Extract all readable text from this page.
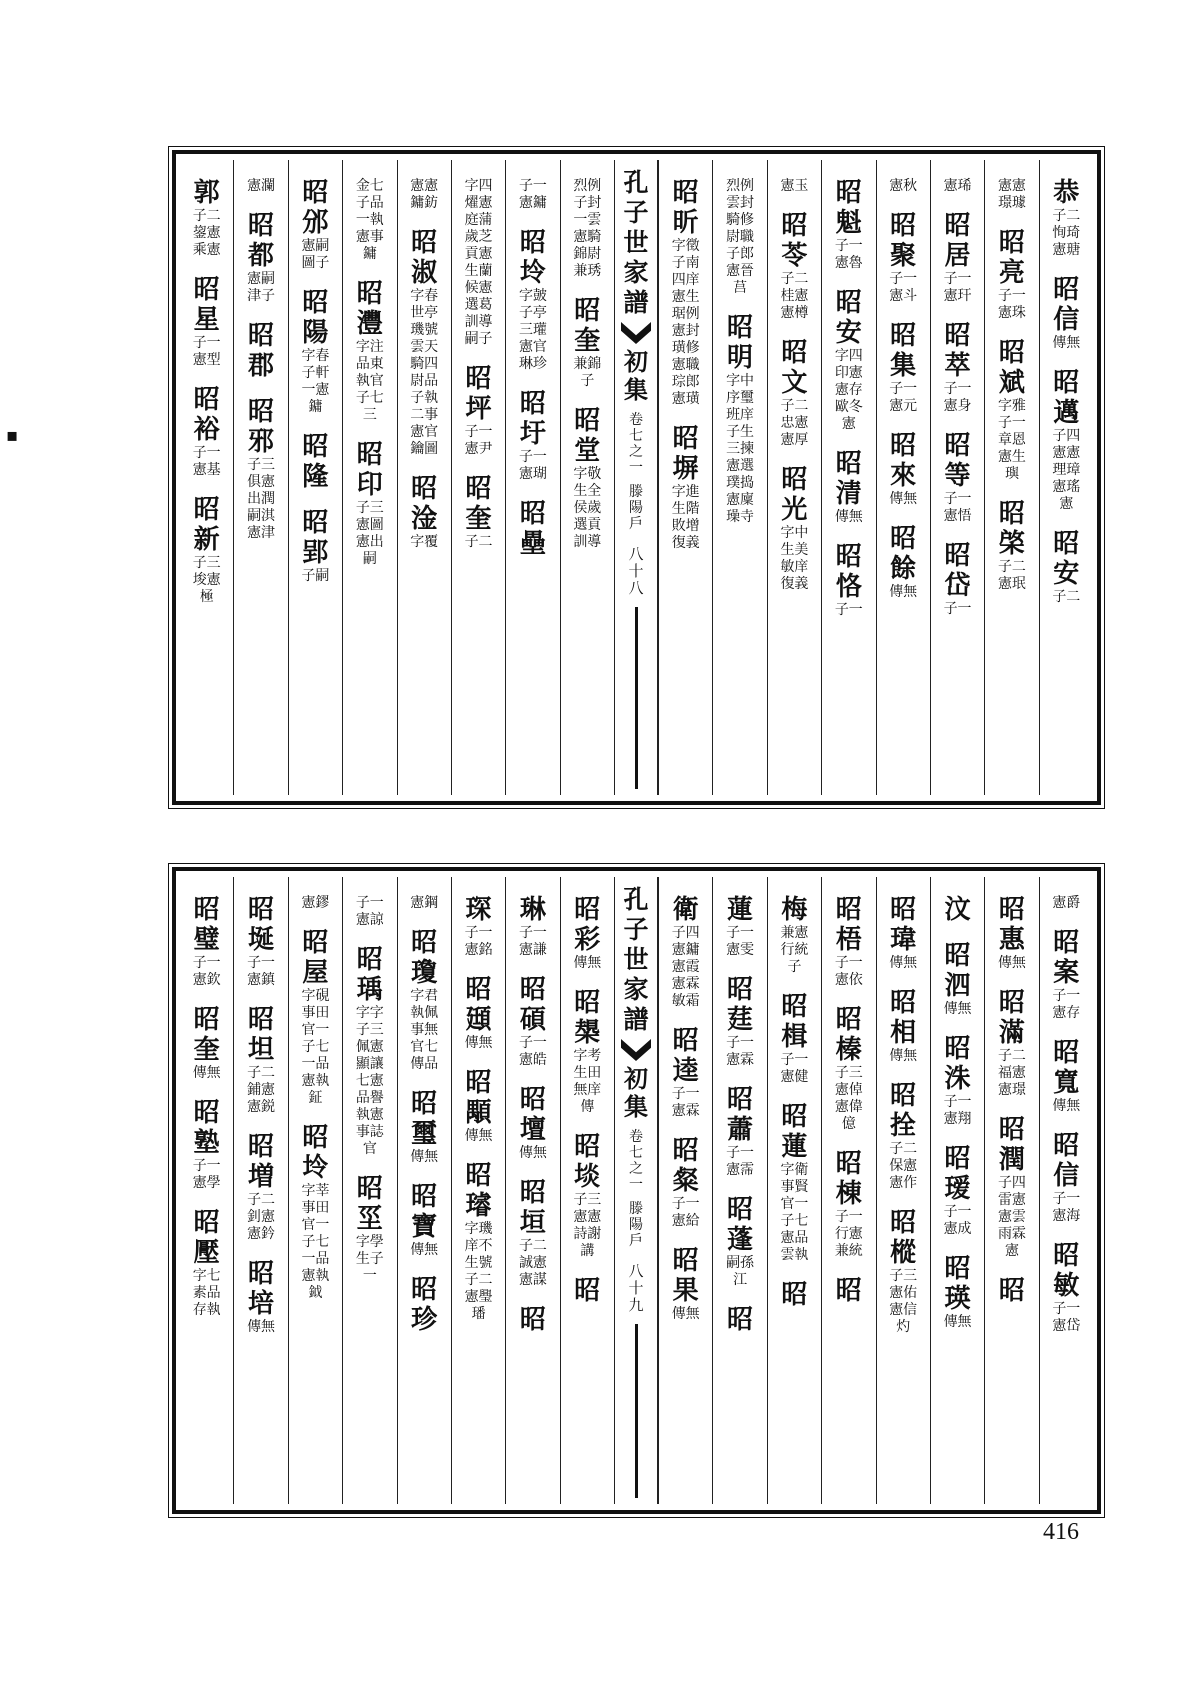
▪
恭
子二恂琦憲瑭
昭信
傳無
昭邁
子四憲憲理璋憲瑤憲
昭安
子二
憲憲璟璩
昭亮
子一憲珠
昭斌
字雅子一章恩憲生璵
昭棨
子二憲珉
憲琋
昭居
子一憲玕
昭萃
子一憲身
昭等
子一憲悟
昭岱
子一
憲秋
昭聚
子一憲斗
昭集
子一憲元
昭來
傳無
昭餘
傳無
昭魁
子一憲魯
昭安
字四印憲憲存歐冬憲
昭清
傳無
昭恪
子一
憲玉
昭苓
子二桂憲憲樽
昭文
子二忠憲憲厚
昭光
字中生美敏庠復義
烈例雲封騎修尉職子郎憲晉莒
昭明
字中序璽班庠子生三揀憲選璞捣憲廩璪寺
昭昕
字徵子南四庠憲生琚例憲封璜修憲職琮郎憲璜
昭塀
字進生階敗增復義
孔子世家譜
初集
卷七之一
滕陽戶
八十八
烈例子封一雲憲騎錦尉兼琇
昭奎
兼錦子
昭堂
字敬生全侯歲選貢訓導
子一憲鏞
昭坽
字皷子亭三瓘憲官琳珍
昭圩
子一憲瑚
昭壘
字四燿憲庭蒲歲芝貢憲生蘭候憲選葛訓導嗣子
昭坪
子一憲尹
昭奎
子二
憲憲鏞鈁
昭淑
字春世亭璣號雲天騎四尉品子執二事憲官鑰圖
昭淦
字覆
金七子品一執憲事鏞
昭灃
字注品東執官子七三
昭印
子三憲圖憲出嗣
昭邠
憲嗣圖子
昭陽
字春子軒一憲鏞
昭隆
昭郢
子嗣
憲瀾
昭都
憲嗣津子
昭郡
昭邪
子三俱憲出潤嗣淇憲津
郭
子二鋆憲乘憲
昭星
子一憲型
昭裕
子一憲基
昭新
子三埈憲極
憲爵
昭案
子一憲存
昭寬
傳無
昭信
子一憲海
昭敏
子一憲岱
昭惠
傳無
昭滿
子二福憲憲璟
昭潤
子四雷憲憲雲雨霖憲
昭
汶
昭泗
傳無
昭洙
子一憲翔
昭瑷
子一憲成
昭瑛
傳無
昭瑋
傳無
昭相
傳無
昭拴
子二保憲憲作
昭樅
子三憲佑憲信灼
昭梧
子一憲依
昭榛
子三憲倬憲偉億
昭棟
子一行憲兼統
昭
梅
兼憲行統子
昭楫
子一憲健
昭蓮
字衛事賢官一子七憲品雲執
昭
蓮
子一憲雯
昭莛
子一憲霖
昭蕭
子一憲霈
昭蓬
嗣孫江
昭
衛
子四憲鏞憲霞憲霖敏霜
昭逵
子一憲霖
昭粲
子一憲給
昭果
傳無
孔子世家譜
初集
卷七之一
滕陽戶
八十九
昭彩
傳無
昭槼
字考生田無庠傳
昭埮
子三憲憲詩謝講
昭
琳
子一憲謙
昭碩
子一憲皓
昭壇
傳無
昭垣
子二誠憲憲謀
昭
琛
子一憲銘
昭頲
傳無
昭顒
傳無
昭璿
字璣庠不生號子二憲璺璠
憲鋼
昭瓊
字君執佩事無官七傳品
昭璽
傳無
昭寶
傳無
昭珍
子一憲諒
昭瑀
字字子三佩憲顯讓七憲品譽執憲事誌官
昭坙
字學生子一
憲鏐
昭屋
字硯事田官一子七一品憲執鉦
昭坽
字莘事田官一子七一品憲執鉞
昭埏
子一憲鎮
昭坦
子二鋪憲憲鋭
昭増
子二釗憲憲鈐
昭培
傳無
昭璧
子一憲欽
昭奎
傳無
昭塾
子一憲學
昭壓
字七素品存執
416
